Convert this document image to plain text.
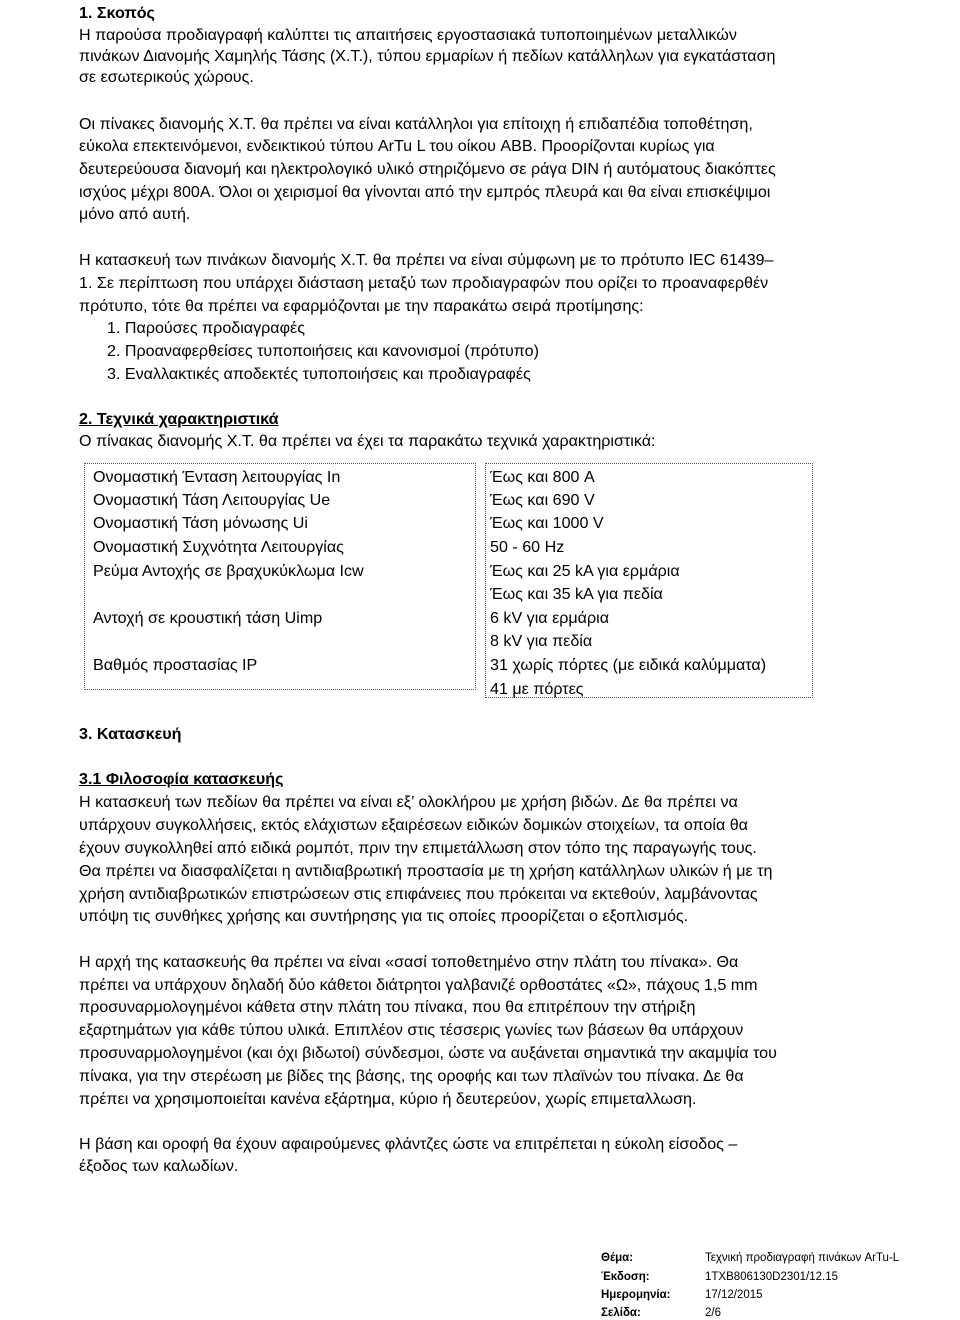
1. Σκοπός
Η παρούσα προδιαγραφή καλύπτει τις απαιτήσεις εργοστασιακά τυποποιημένων μεταλλικών
πινάκων Διανομής Χαμηλής Τάσης (Χ.Τ.), τύπου ερμαρίων ή πεδίων κατάλληλων για εγκατάσταση
σε εσωτερικούς χώρους.
Οι πίνακες διανομής Χ.Τ. θα πρέπει να είναι κατάλληλοι για επίτοιχη ή επιδαπέδια τοποθέτηση,
εύκολα επεκτεινόμενοι, ενδεικτικού τύπου ArTu L του οίκου ABB. Προορίζονται κυρίως για
δευτερεύουσα διανομή και ηλεκτρολογικό υλικό στηριζόμενο σε ράγα DIN ή αυτόματους διακόπτες
ισχύος μέχρι 800Α. Όλοι οι χειρισμοί θα γίνονται από την εμπρός πλευρά και θα είναι επισκέψιμοι
μόνο από αυτή.
Η κατασκευή των πινάκων διανομής Χ.Τ. θα πρέπει να είναι σύμφωνη με το πρότυπο IEC 61439–
1. Σε περίπτωση που υπάρχει διάσταση μεταξύ των προδιαγραφών που ορίζει το προαναφερθέν
πρότυπο, τότε θα πρέπει να εφαρμόζονται με την παρακάτω σειρά προτίμησης:
1. Παρούσες προδιαγραφές
2. Προαναφερθείσες τυποποιήσεις και κανονισμοί (πρότυπο)
3. Εναλλακτικές αποδεκτές τυποποιήσεις και προδιαγραφές
2. Τεχνικά χαρακτηριστικά
Ο πίνακας διανομής Χ.Τ. θα πρέπει να έχει τα παρακάτω τεχνικά χαρακτηριστικά:
Ονομαστική Ένταση λειτουργίας In
Ονομαστική Τάση Λειτουργίας Ue
Ονομαστική Τάση μόνωσης Ui
Ονομαστική Συχνότητα Λειτουργίας
Ρεύμα Αντοχής σε βραχυκύκλωμα Icw
Αντοχή σε κρουστική τάση Uimp
Βαθμός προστασίας IP
Έως και 800 A
Έως και 690 V
Έως και 1000 V
50 - 60 Hz
Έως και 25 kA για ερμάρια
Έως και 35 kA για πεδία
6 kV για ερμάρια
8 kV για πεδία
31 χωρίς πόρτες (με ειδικά καλύμματα)
41 με πόρτες
3. Κατασκευή
3.1 Φιλοσοφία κατασκευής
Η κατασκευή των πεδίων θα πρέπει να είναι εξ’ ολοκλήρου με χρήση βιδών. Δε θα πρέπει να
υπάρχουν συγκολλήσεις, εκτός ελάχιστων εξαιρέσεων ειδικών δομικών στοιχείων, τα οποία θα
έχουν συγκολληθεί από ειδικά ρομπότ, πριν την επιμετάλλωση στον τόπο της παραγωγής τους.
Θα πρέπει να διασφαλίζεται η αντιδιαβρωτική προστασία με τη χρήση κατάλληλων υλικών ή με τη
χρήση αντιδιαβρωτικών επιστρώσεων στις επιφάνειες που πρόκειται να εκτεθούν, λαμβάνοντας
υπόψη τις συνθήκες χρήσης και συντήρησης για τις οποίες προορίζεται ο εξοπλισμός.
Η αρχή της κατασκευής θα πρέπει να είναι «σασί τοποθετημένο στην πλάτη του πίνακα». Θα
πρέπει να υπάρχουν δηλαδή δύο κάθετοι διάτρητοι γαλβανιζέ ορθοστάτες «Ω», πάχους 1,5 mm
προσυναρμολογημένοι κάθετα στην πλάτη του πίνακα, που θα επιτρέπουν την στήριξη
εξαρτημάτων για κάθε τύπου υλικά. Επιπλέον στις τέσσερις γωνίες των βάσεων θα υπάρχουν
προσυναρμολογημένοι (και όχι βιδωτοί) σύνδεσμοι, ώστε να αυξάνεται σημαντικά την ακαμψία του
πίνακα, για την στερέωση με βίδες της βάσης, της οροφής και των πλαϊνών του πίνακα. Δε θα
πρέπει να χρησιμοποιείται κανένα εξάρτημα, κύριο ή δευτερεύον, χωρίς επιμεταλλωση.
Η βάση και οροφή θα έχουν αφαιρούμενες φλάντζες ώστε να επιτρέπεται η εύκολη είσοδος –
έξοδος των καλωδίων.
Θέμα:
Έκδοση:
Ημερομηνία:
Σελίδα:
Τεχνική προδιαγραφή πινάκων ArTu-L
1TXB806130D2301/12.15
17/12/2015
2/6
